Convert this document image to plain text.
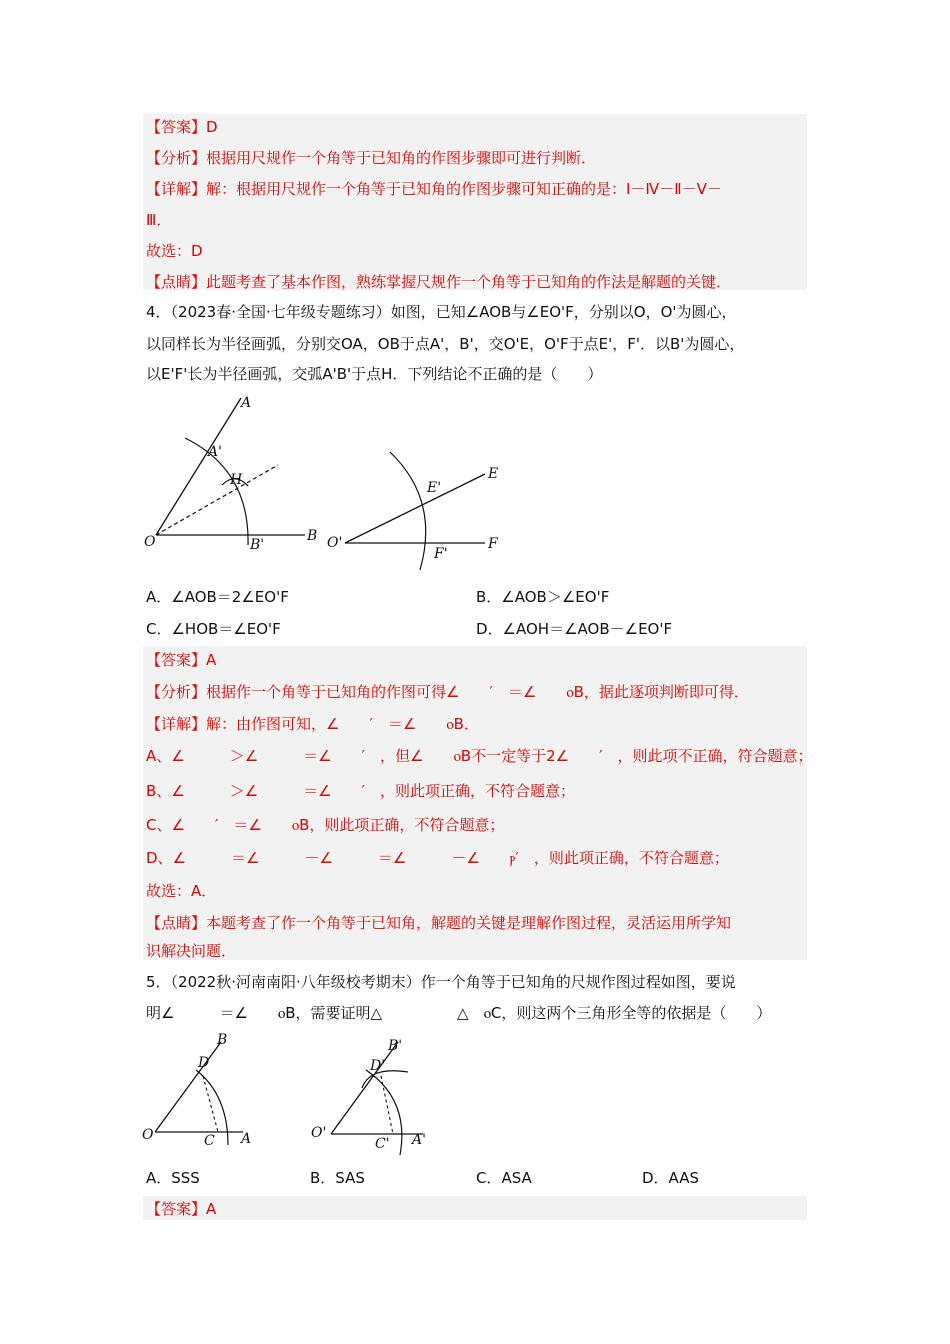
【答案】D
【分析】根据用尺规作一个角等于已知角的作图步骤即可进行判断．
【详解】解：根据用尺规作一个角等于已知角的作图步骤可知正确的是：Ⅰ－Ⅳ－Ⅱ－Ⅴ－
Ⅲ．
故选：D
【点睛】此题考查了基本作图，熟练掌握尺规作一个角等于已知角的作法是解题的关键．
4．（2023春·全国·七年级专题练习）如图，已知∠AOB与∠EO'F，分别以O，O'为圆心，
以同样长为半径画弧，分别交OA，OB于点A'，B'，交O'E，O'F于点E'，F'．以B'为圆心，
以E'F'长为半径画弧，交弧A'B'于点H．下列结论不正确的是（　　）
A
A'
H
O	B'
B
E'
E
O'
F'
F
A．∠AOB＝2∠EO'F	B．∠AOB＞∠EO'F
C．∠HOB＝∠EO'F	D．∠AOH＝∠AOB－∠EO'F
【答案】A
【分析】根据作一个角等于已知角的作图可得∠　　′　＝∠　　ⲟB，据此逐项判断即可得．
【详解】解：由作图可知，∠　　′　＝∠　　ⲟB．
A、∠　　　＞∠　　　＝∠　　′　，但∠　　ⲟB不一定等于2∠　　′　，则此项不正确，符合题意；
B、∠　　　＞∠　　　＝∠　　′　，则此项正确，不符合题意；
C、∠　　′　＝∠　　ⲟB，则此项正确，不符合题意；
D、∠　　　＝∠　　　－∠　　　＝∠　　　－∠　　ⲣ′　，则此项正确，不符合题意；
故选：A．
【点睛】本题考查了作一个角等于已知角，解题的关键是理解作图过程，灵活运用所学知
识解决问题．
5．（2022秋·河南南阳·八年级校考期末）作一个角等于已知角的尺规作图过程如图，要说
明∠　　　＝∠　　ⲟB，需要证明△　　　　　△　ⲟC，则这两个三角形全等的依据是（　　）
B
D
O	C A
B'
D'
O'
C' A'
A．SSS	B．SAS	C．ASA	D．AAS
【答案】A
